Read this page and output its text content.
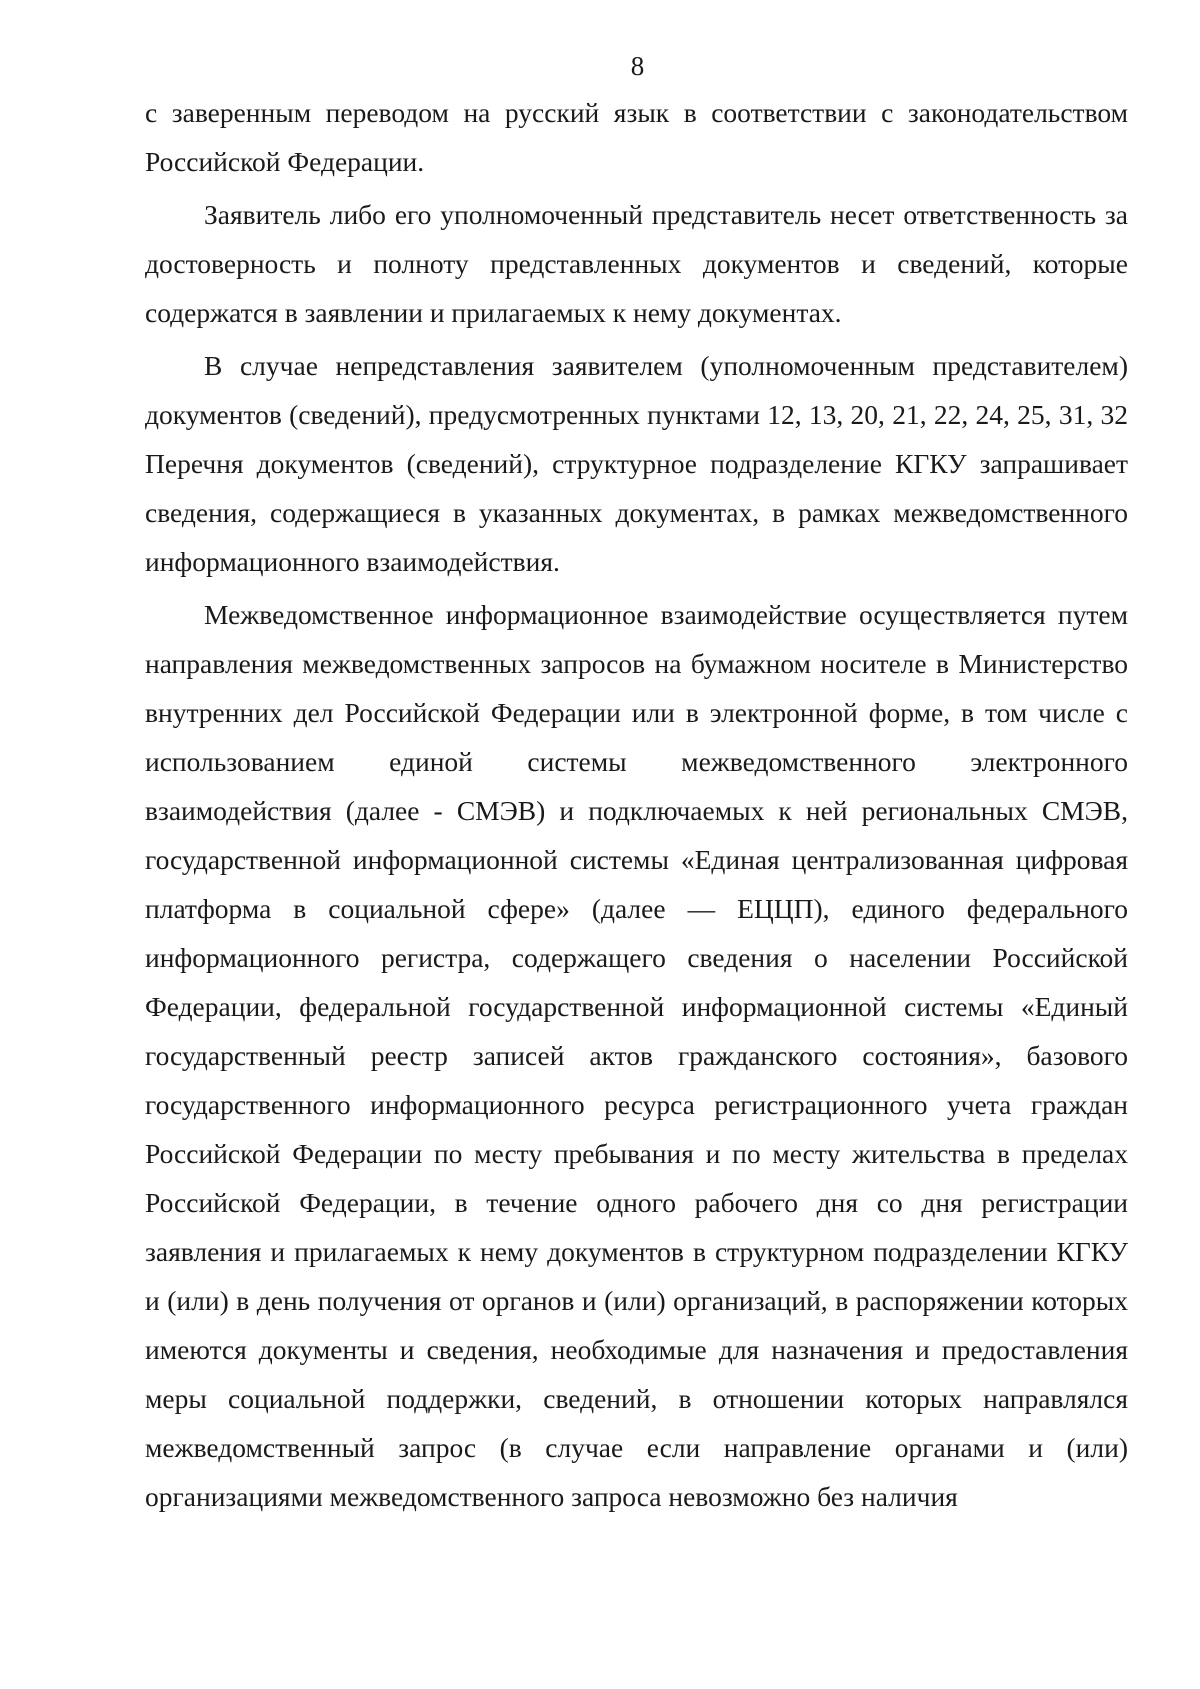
8

с заверенным переводом на русский язык в соответствии с законодательством Российской Федерации.

Заявитель либо его уполномоченный представитель несет ответственность за достоверность и полноту представленных документов и сведений, которые содержатся в заявлении и прилагаемых к нему документах.

В случае непредставления заявителем (уполномоченным представителем) документов (сведений), предусмотренных пунктами 12, 13, 20, 21, 22, 24, 25, 31, 32 Перечня документов (сведений), структурное подразделение КГКУ запрашивает сведения, содержащиеся в указанных документах, в рамках межведомственного информационного взаимодействия.

Межведомственное информационное взаимодействие осуществляется путем направления межведомственных запросов на бумажном носителе в Министерство внутренних дел Российской Федерации или в электронной форме, в том числе с использованием единой системы межведомственного электронного взаимодействия (далее - СМЭВ) и подключаемых к ней региональных СМЭВ, государственной информационной системы «Единая централизованная цифровая платформа в социальной сфере» (далее — ЕЦЦП), единого федерального информационного регистра, содержащего сведения о населении Российской Федерации, федеральной государственной информационной системы «Единый государственный реестр записей актов гражданского состояния», базового государственного информационного ресурса регистрационного учета граждан Российской Федерации по месту пребывания и по месту жительства в пределах Российской Федерации, в течение одного рабочего дня со дня регистрации заявления и прилагаемых к нему документов в структурном подразделении КГКУ и (или) в день получения от органов и (или) организаций, в распоряжении которых имеются документы и сведения, необходимые для назначения и предоставления меры социальной поддержки, сведений, в отношении которых направлялся межведомственный запрос (в случае если направление органами и (или) организациями межведомственного запроса невозможно без наличия
